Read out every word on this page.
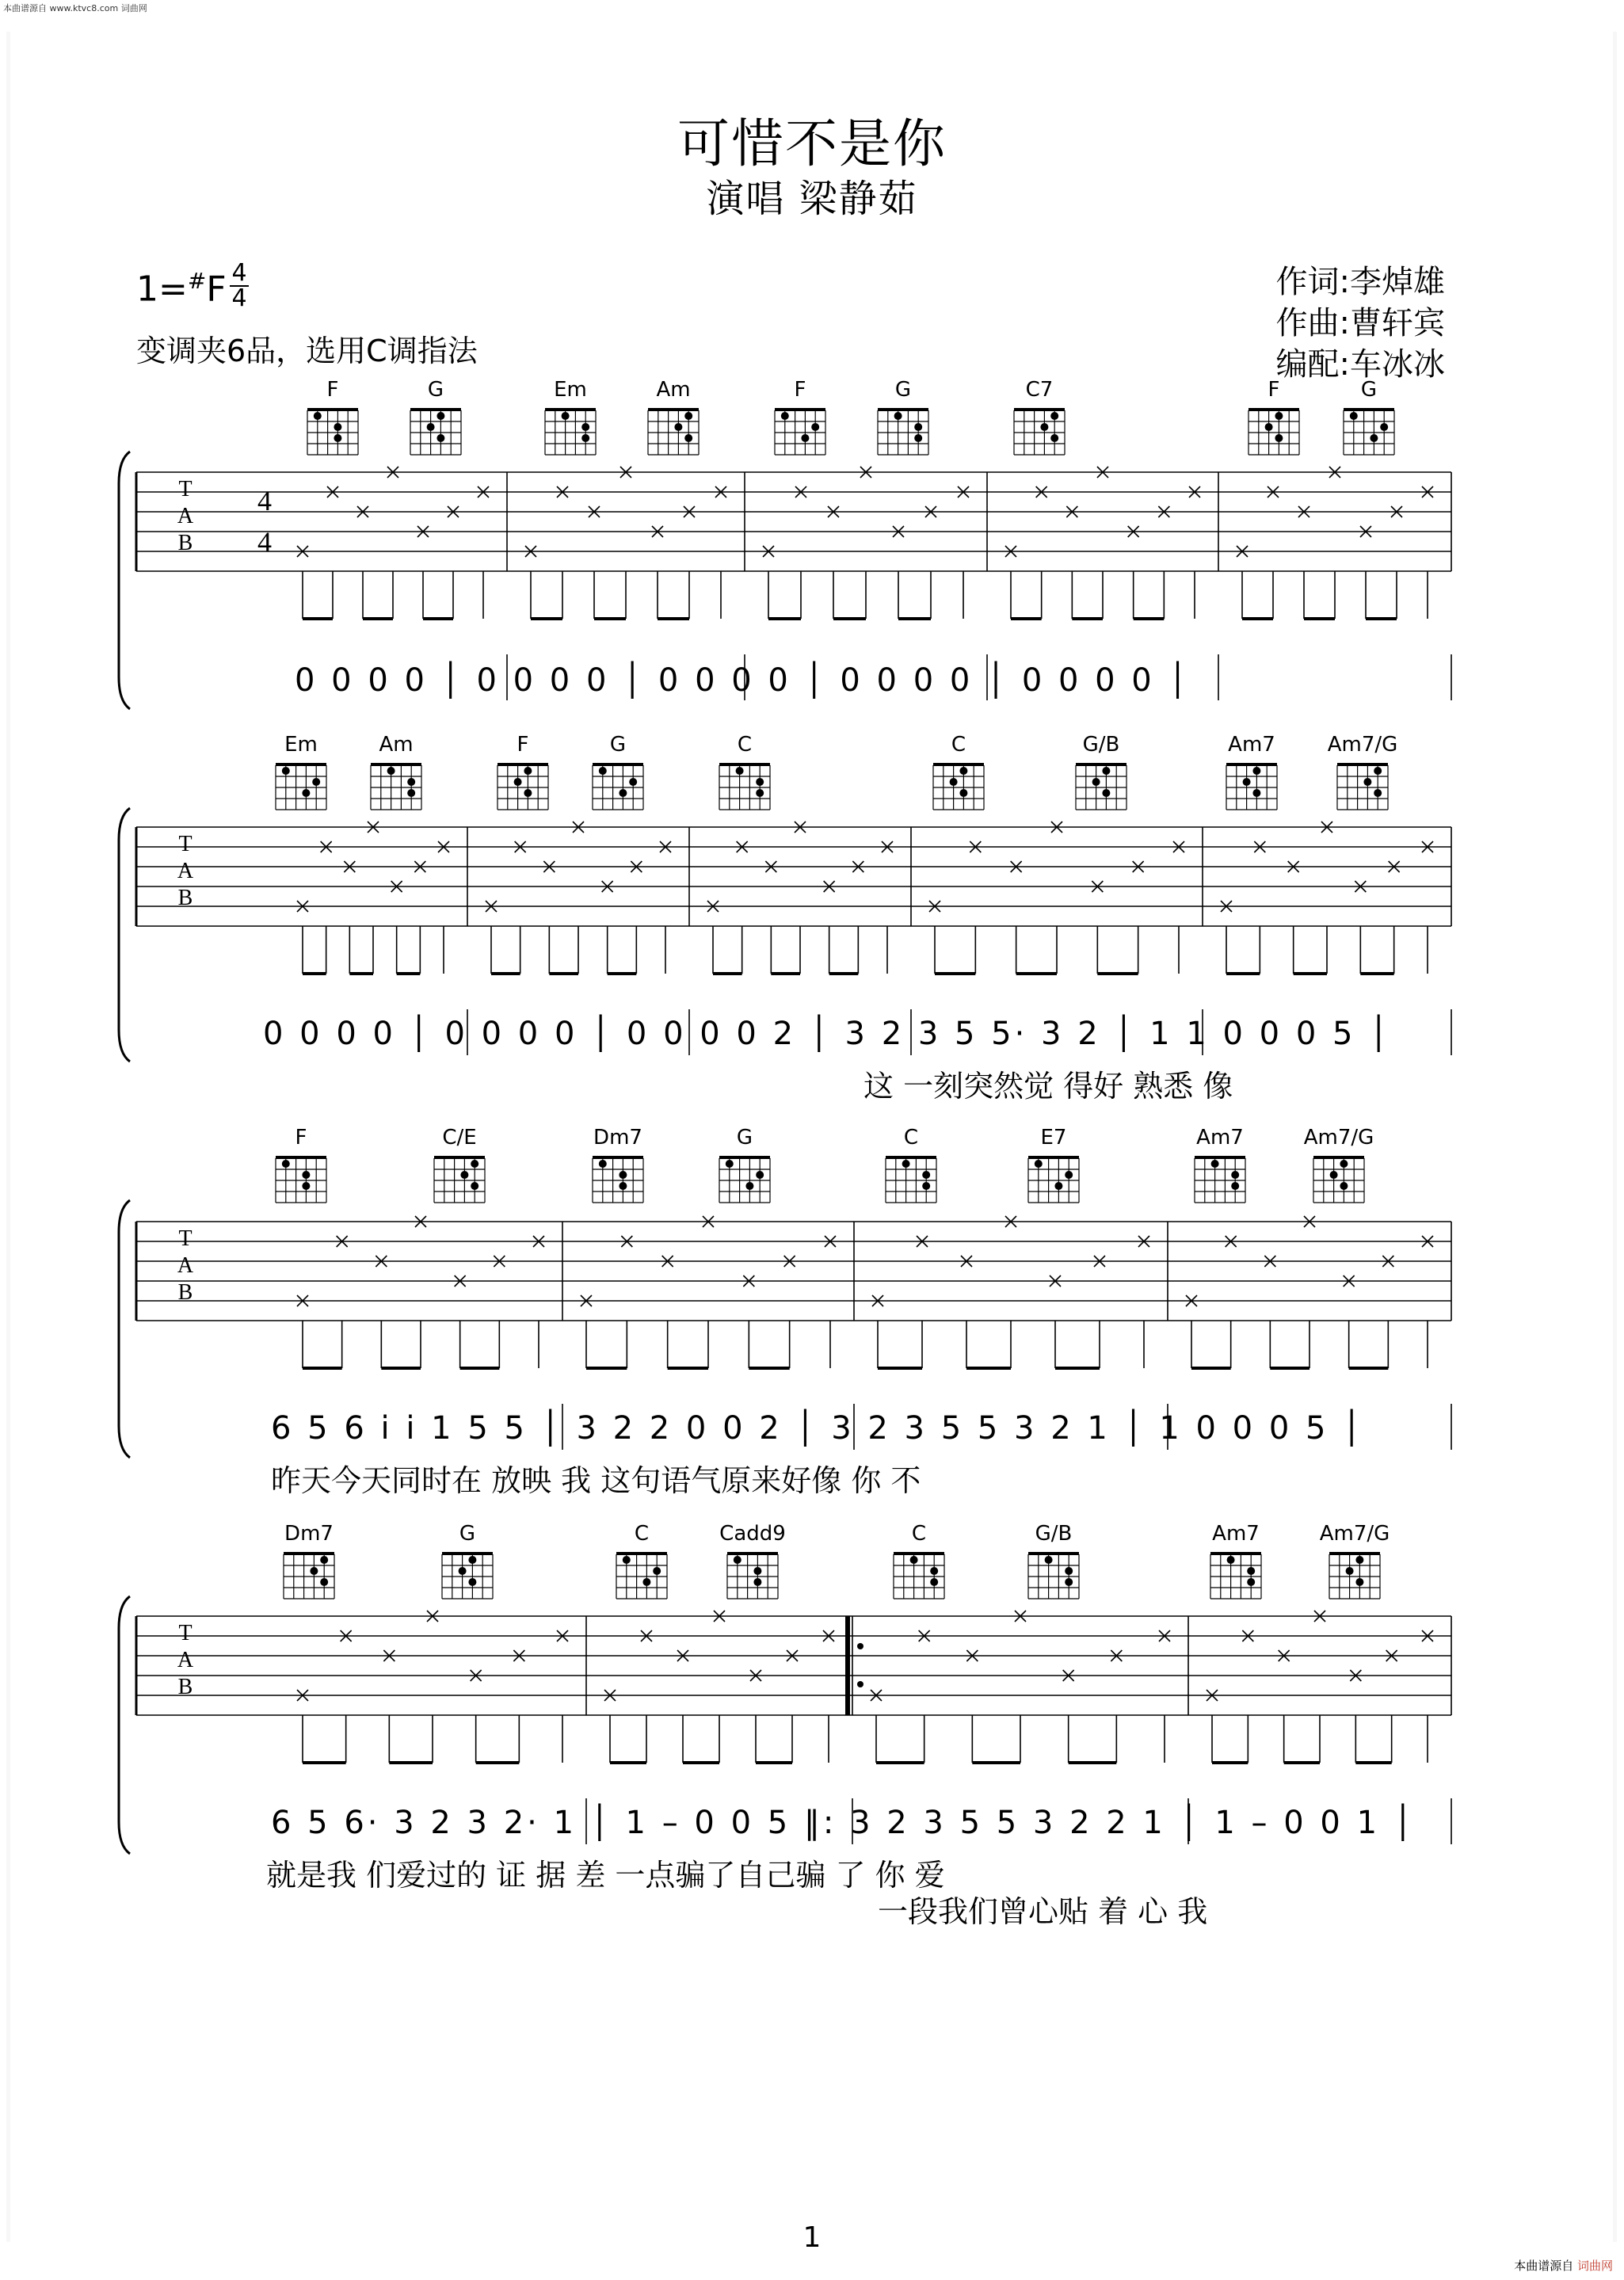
本曲谱源自 www.ktvc8.com 词曲网
可惜不是你
演唱 梁静茹
1=#F 4
4
变调夹6品，选用C调指法
作词:李焯雄
作曲:曹轩宾
编配:车冰冰
T
A
B
4
4
T
A
B
T
A
B
T
A
B
F	G	Em	Am	F	G	C7	F	G
Em	Am	F	G	C	C	G/B	Am7	Am7/G
F	C/E	Dm7	G	C	E7	Am7	Am7/G
Dm7	G	C	Cadd9	C	G/B	Am7	Am7/G
0 0 0 0 │ 0 0 0 0 │ 0 0 0 0 │ 0 0 0 0 │ 0 0 0 0 │
0 0 0 0 │ 0 0 0 0 │ 0 0 0 0 2 │ 3 2 3 5 5· 3 2 │ 1 1 0 0 0 5 │
这 一刻突然觉 得好 熟悉 像
6 5 6 i i 1 5 5 │ 3 2 2 0 0 2 │ 3 2 3 5 5 3 2 1 │ 1 0 0 0 5 │
昨天今天同时在 放映 我 这句语气原来好像 你 不
6 5 6· 3 2 3 2· 1 │ 1 – 0 0 5 ‖: 3 2 3 5 5 3 2 2 1 │ 1 – 0 0 1 │
就是我 们爱过的 证 据 差 一点骗了自己骗 了 你 爱
一段我们曾心贴 着 心 我
1
本曲谱源自 词曲网
